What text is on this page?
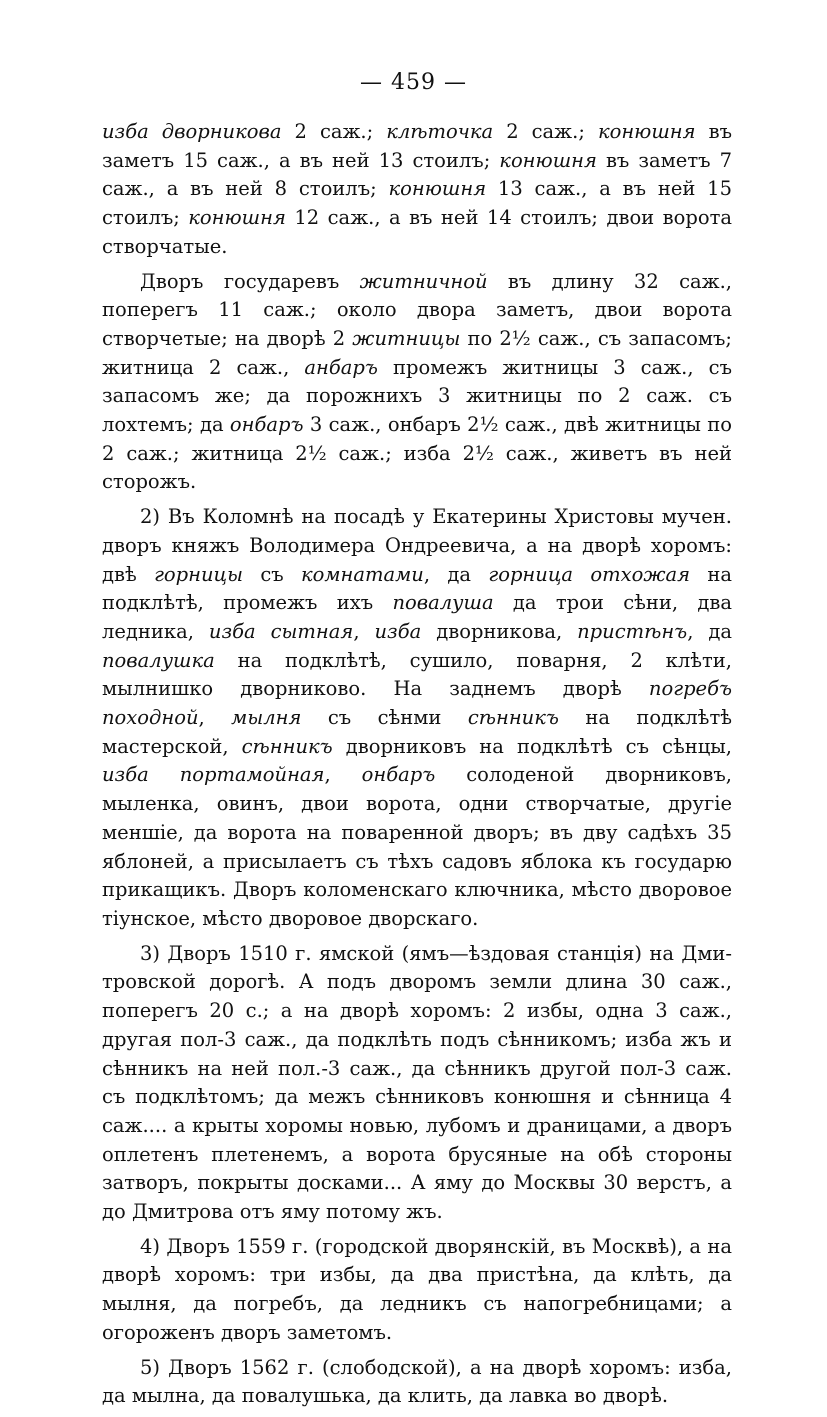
— 459 —

изба дворникова 2 саж.; клѣточка 2 саж.; конюшня въ заметъ 15 саж., а въ ней 13 стоилъ; конюшня въ заметъ 7 саж., а въ ней 8 стоилъ; конюшня 13 саж., а въ ней 15 стоилъ; конюшня 12 саж., а въ ней 14 стоилъ; двои ворота створчатые.

Дворъ государевъ житничной въ длину 32 саж., поперегъ 11 саж.; около двора заметъ, двои ворота створчетые; на дворѣ 2 житницы по 2½ саж., съ запасомъ; житница 2 саж., анбаръ промежъ житницы 3 саж., съ запасомъ же; да порожнихъ 3 житницы по 2 саж. съ лохтемъ; да онбаръ 3 саж., онбаръ 2½ саж., двѣ житницы по 2 саж.; житница 2½ саж.; изба 2½ саж., живетъ въ ней сторожъ.

2) Въ Коломнѣ на посадѣ у Екатерины Христовы мучен. дворъ княжъ Володимера Ондреевича, а на дворѣ хоромъ: двѣ горницы съ комнатами, да горница отхожая на подклѣтѣ, промежъ ихъ повалуша да трои сѣни, два ледника, изба сытная, изба дворникова, пристѣнъ, да повалушка на подклѣтѣ, сушило, поварня, 2 клѣти, мылнишко дворниково. На заднемъ дворѣ погребъ походной, мылня съ сѣнми сѣнникъ на подклѣтѣ мастерской, сѣнникъ дворниковъ на подклѣтѣ съ сѣнцы, изба портамойная, онбаръ солоденой дворниковъ, мыленка, овинъ, двои ворота, одни створчатые, другіе меншіе, да ворота на поваренной дворъ; въ дву садѣхъ 35 яблоней, а присылаетъ съ тѣхъ садовъ яблока къ государю прикащикъ. Дворъ коломенскаго ключника, мѣсто дворовое тіунское, мѣсто дворовое дворскаго.

3) Дворъ 1510 г. ямской (ямъ—ѣздовая станція) на Дмитровской дорогѣ. А подъ дворомъ земли длина 30 саж., поперегъ 20 с.; а на дворѣ хоромъ: 2 избы, одна 3 саж., другая пол-3 саж., да подклѣть подъ сѣнникомъ; изба жъ и сѣнникъ на ней пол.-3 саж., да сѣнникъ другой пол-3 саж. съ подклѣтомъ; да межъ сѣнниковъ конюшня и сѣнница 4 саж.... а крыты хоромы новью, лубомъ и драницами, а дворъ оплетенъ плетенемъ, а ворота брусяные на обѣ стороны затворъ, покрыты досками... А яму до Москвы 30 верстъ, а до Дмитрова отъ яму потому жъ.

4) Дворъ 1559 г. (городской дворянскій, въ Москвѣ), а на дворѣ хоромъ: три избы, да два пристѣна, да клѣть, да мылня, да погребъ, да ледникъ съ напогребницами; а огороженъ дворъ заметомъ.

5) Дворъ 1562 г. (слободской), а на дворѣ хоромъ: изба, да мылна, да повалушька, да клить, да лавка во дворѣ.
